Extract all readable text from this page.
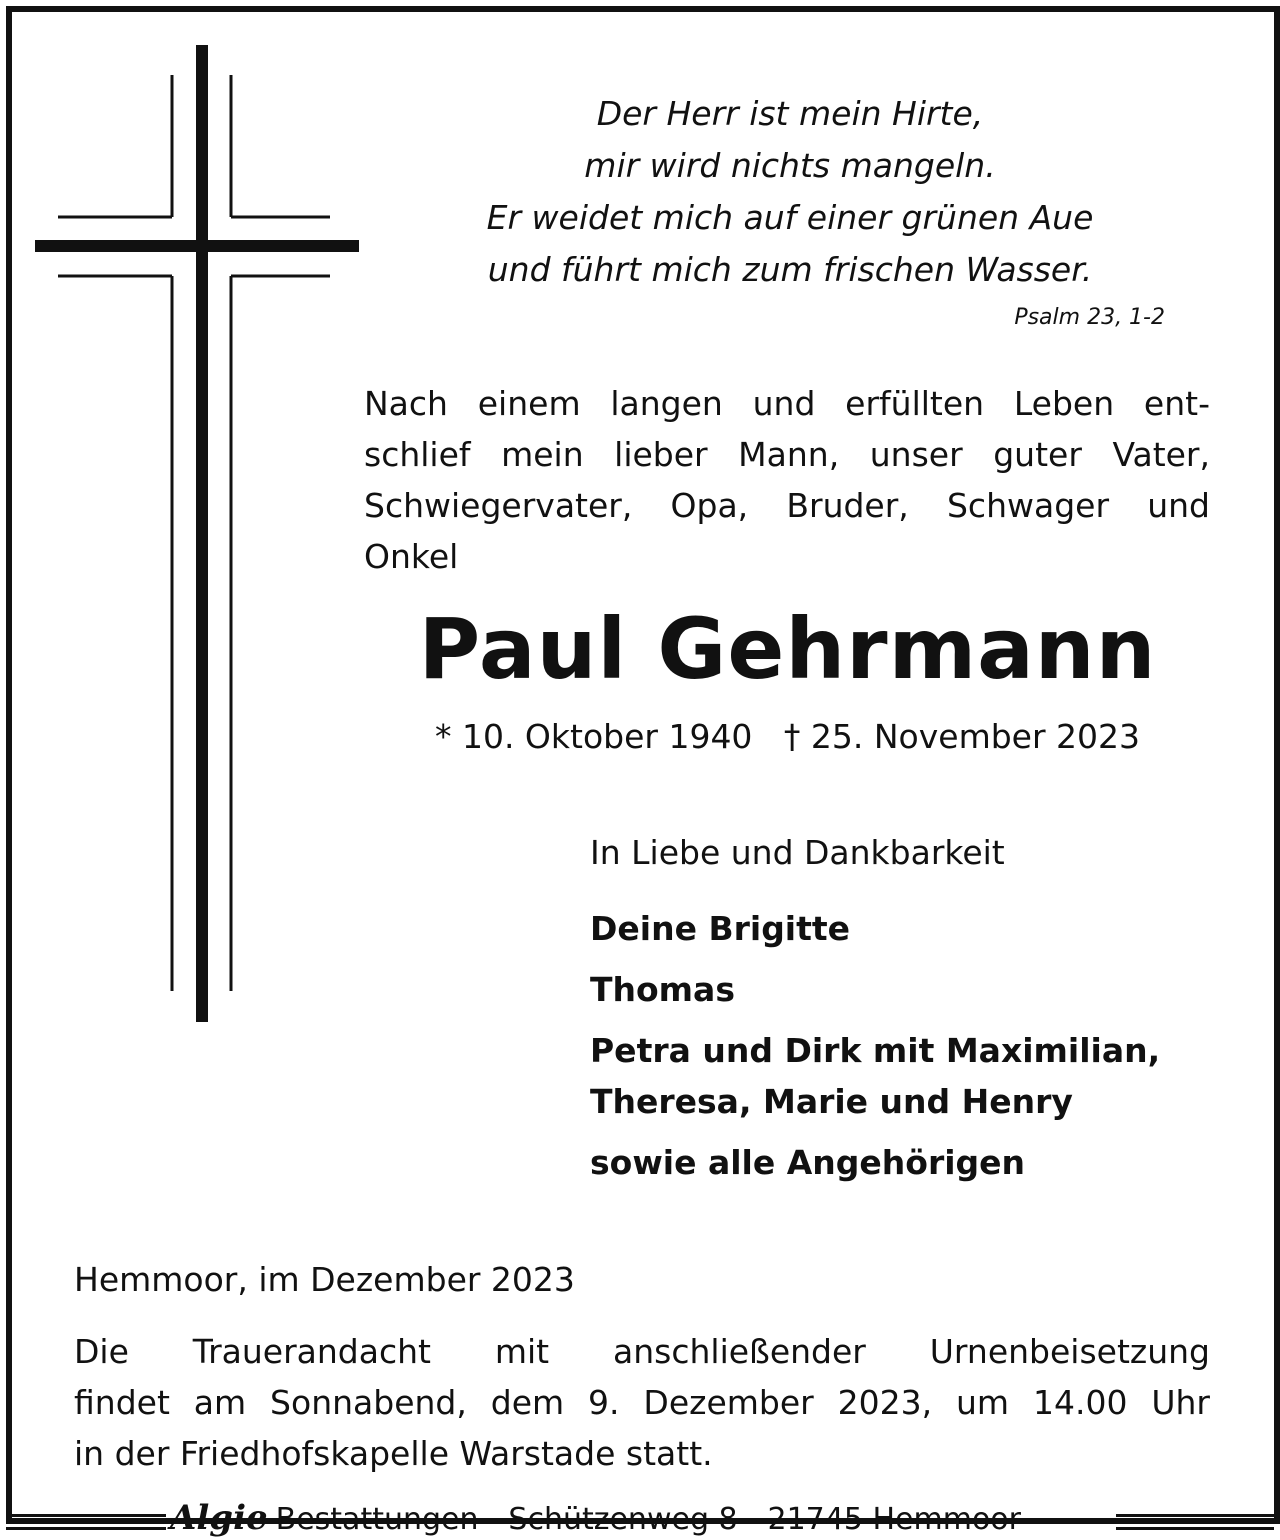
Der Herr ist mein Hirte,
mir wird nichts mangeln.
Er weidet mich auf einer grünen Aue
und führt mich zum frischen Wasser.
Psalm 23, 1-2
Nach einem langen und erfüllten Leben ent-
schlief mein lieber Mann, unser guter Vater,
Schwiegervater, Opa, Bruder, Schwager und
Onkel
Paul Gehrmann
* 10. Oktober 1940   † 25. November 2023
In Liebe und Dankbarkeit
Deine Brigitte
Thomas
Petra und Dirk mit Maximilian,
Theresa, Marie und Henry
sowie alle Angehörigen
Hemmoor, im Dezember 2023
Die Trauerandacht mit anschließender Urnenbeisetzung
findet am Sonnabend, dem 9. Dezember 2023, um 14.00 Uhr
in der Friedhofskapelle Warstade statt.
Algie Bestattungen - Schützenweg 8 - 21745 Hemmoor
